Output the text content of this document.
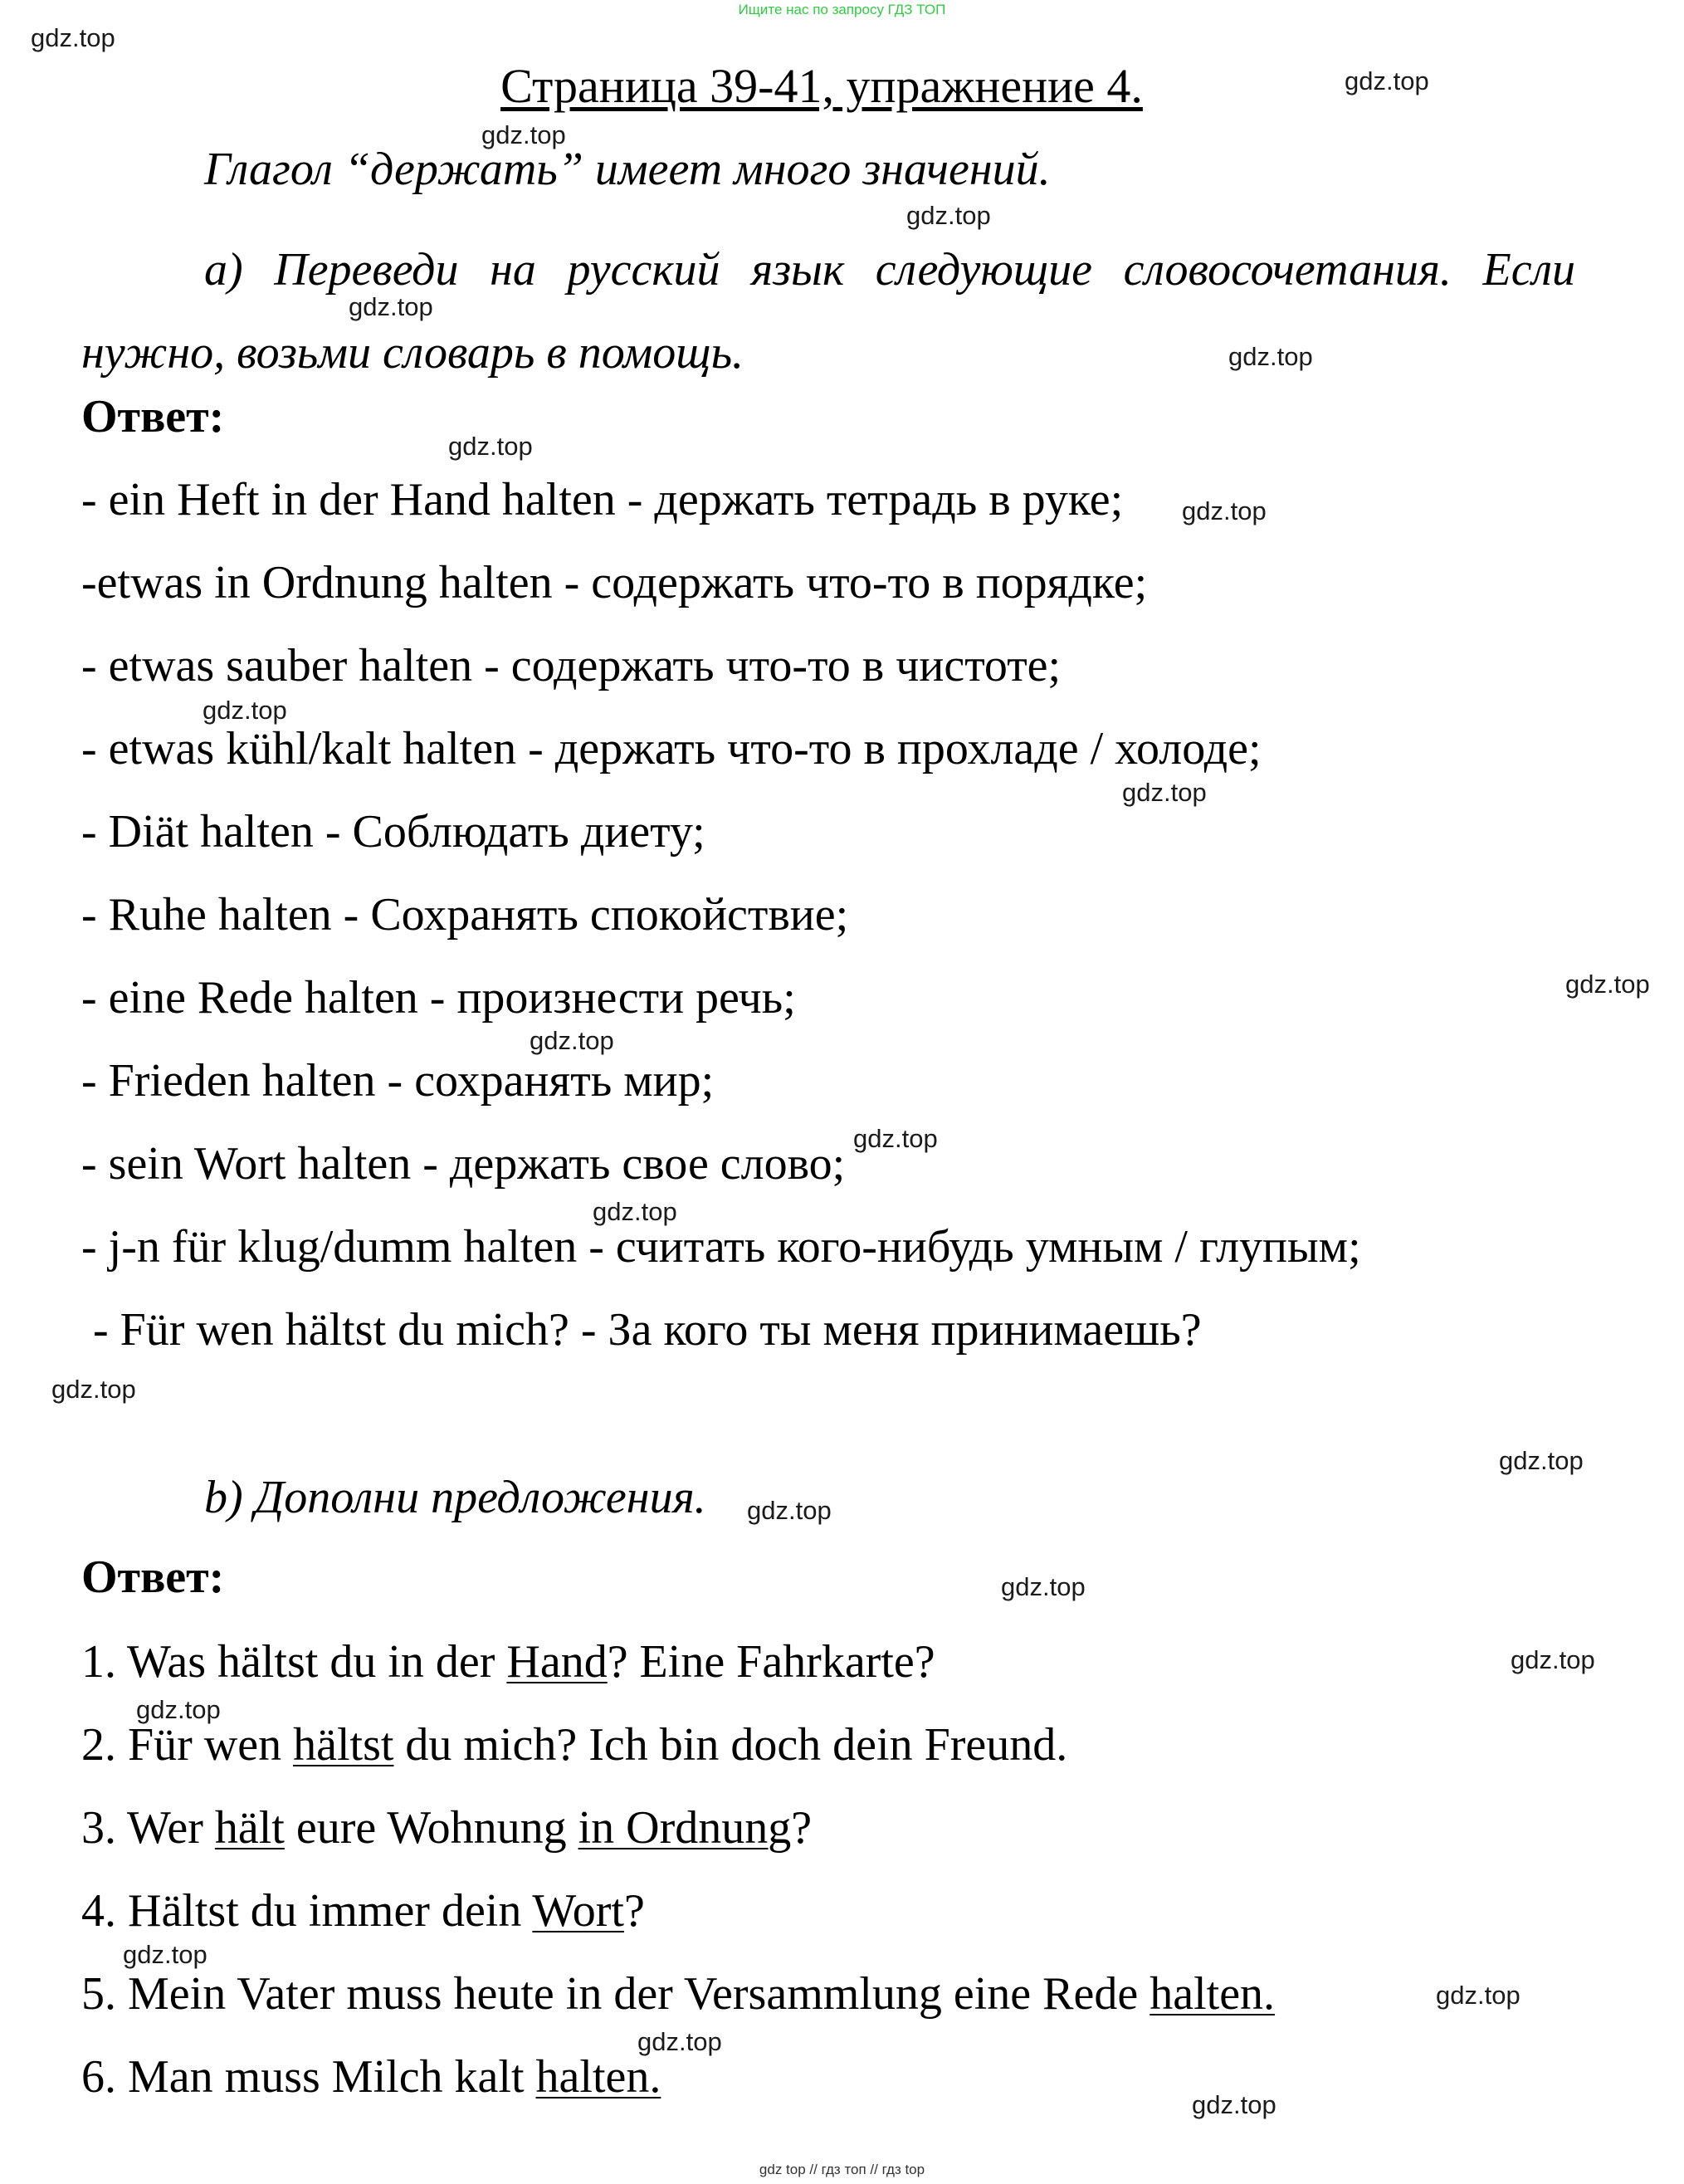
Ищите нас по запросу ГДЗ ТОП
gdz.top
gdz.top
gdz.top
gdz.top
gdz.top
gdz.top
gdz.top
gdz.top
gdz.top
gdz.top
gdz.top
gdz.top
gdz.top
gdz.top
gdz.top
gdz.top
gdz.top
gdz.top
gdz.top
gdz.top
gdz.top
gdz.top
gdz.top
gdz.top
Страница 39-41, упражнение 4.
Глагол “держать” имеет много значений.
а) Переведи на русский язык следующие словосочетания. Если нужно, возьми словарь в помощь.
Ответ:
- ein Heft in der Hand halten - держать тетрадь в руке;
-etwas in Ordnung halten - содержать что-то в порядке;
- etwas sauber halten - содержать что-то в чистоте;
- etwas kühl/kalt halten - держать что-то в прохладе / холоде;
- Diät halten - Соблюдать диету;
- Ruhe halten - Сохранять спокойствие;
- eine Rede halten - произнести речь;
- Frieden halten - сохранять мир;
- sein Wort halten - держать свое слово;
- j-n für klug/dumm halten - считать кого-нибудь умным / глупым;
- Für wen hältst du mich? - За кого ты меня принимаешь?
b) Дополни предложения.
Ответ:
1. Was hältst du in der Hand? Eine Fahrkarte?
2. Für wen hältst du mich? Ich bin doch dein Freund.
3. Wer hält eure Wohnung in Ordnung?
4. Hältst du immer dein Wort?
5. Mein Vater muss heute in der Versammlung eine Rede halten.
6. Man muss Milch kalt halten.
gdz top // гдз топ // гдз top
